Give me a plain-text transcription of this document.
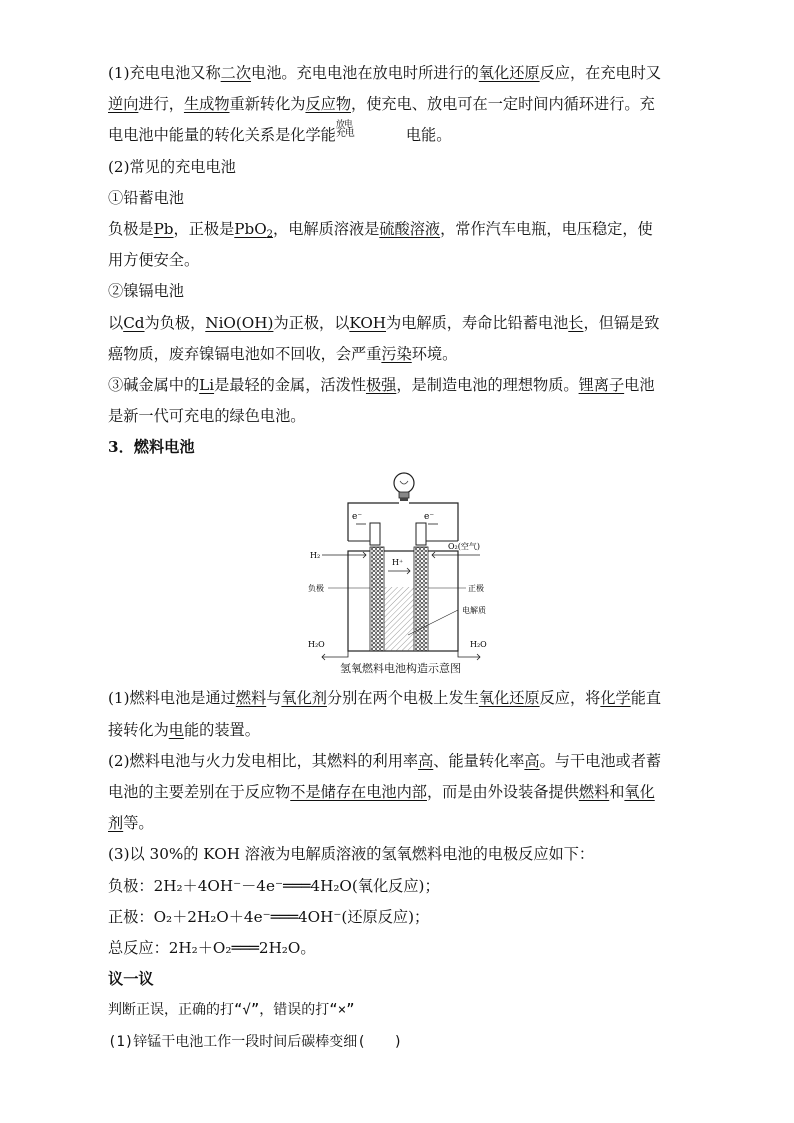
(1)充电电池又称二次电池。充电电池在放电时所进行的氧化还原反应，在充电时又
逆向进行，生成物重新转化为反应物，使充电、放电可在一定时间内循环进行。充
电电池中能量的转化关系是化学能
放电
充电	电能。
(2)常见的充电电池
①铅蓄电池
负极是Pb，正极是PbO$_2$，电解质溶液是硫酸溶液，常作汽车电瓶，电压稳定，使
用方便安全。
②镍镉电池
以Cd为负极，NiO(OH)为正极，以KOH为电解质，寿命比铅蓄电池长，但镉是致
癌物质，废弃镍镉电池如不回收，会严重污染环境。
③碱金属中的Li是最轻的金属，活泼性极强，是制造电池的理想物质。锂离子电池
是新一代可充电的绿色电池。
3．燃料电池
e⁻	e⁻
H⁺
H₂
O₂(空气)
负极	正极
电解质
H₂O	H₂O
氢氧燃料电池构造示意图
(1)燃料电池是通过燃料与氧化剂分别在两个电极上发生氧化还原反应，将化学能直
接转化为电能的装置。
(2)燃料电池与火力发电相比，其燃料的利用率高、能量转化率高。与干电池或者蓄
电池的主要差别在于反应物不是储存在电池内部，而是由外设装备提供燃料和氧化
剂等。
(3)以 30%的 KOH 溶液为电解质溶液的氢氧燃料电池的电极反应如下：
负极：2H₂＋4OH⁻－4e⁻═══4H₂O(氧化反应)；
正极：O₂＋2H₂O＋4e⁻═══4OH⁻(还原反应)；
总反应：2H₂＋O₂═══2H₂O。
议一议
判断正误，正确的打“√”，错误的打“×”
(1)锌锰干电池工作一段时间后碳棒变细(　　)
